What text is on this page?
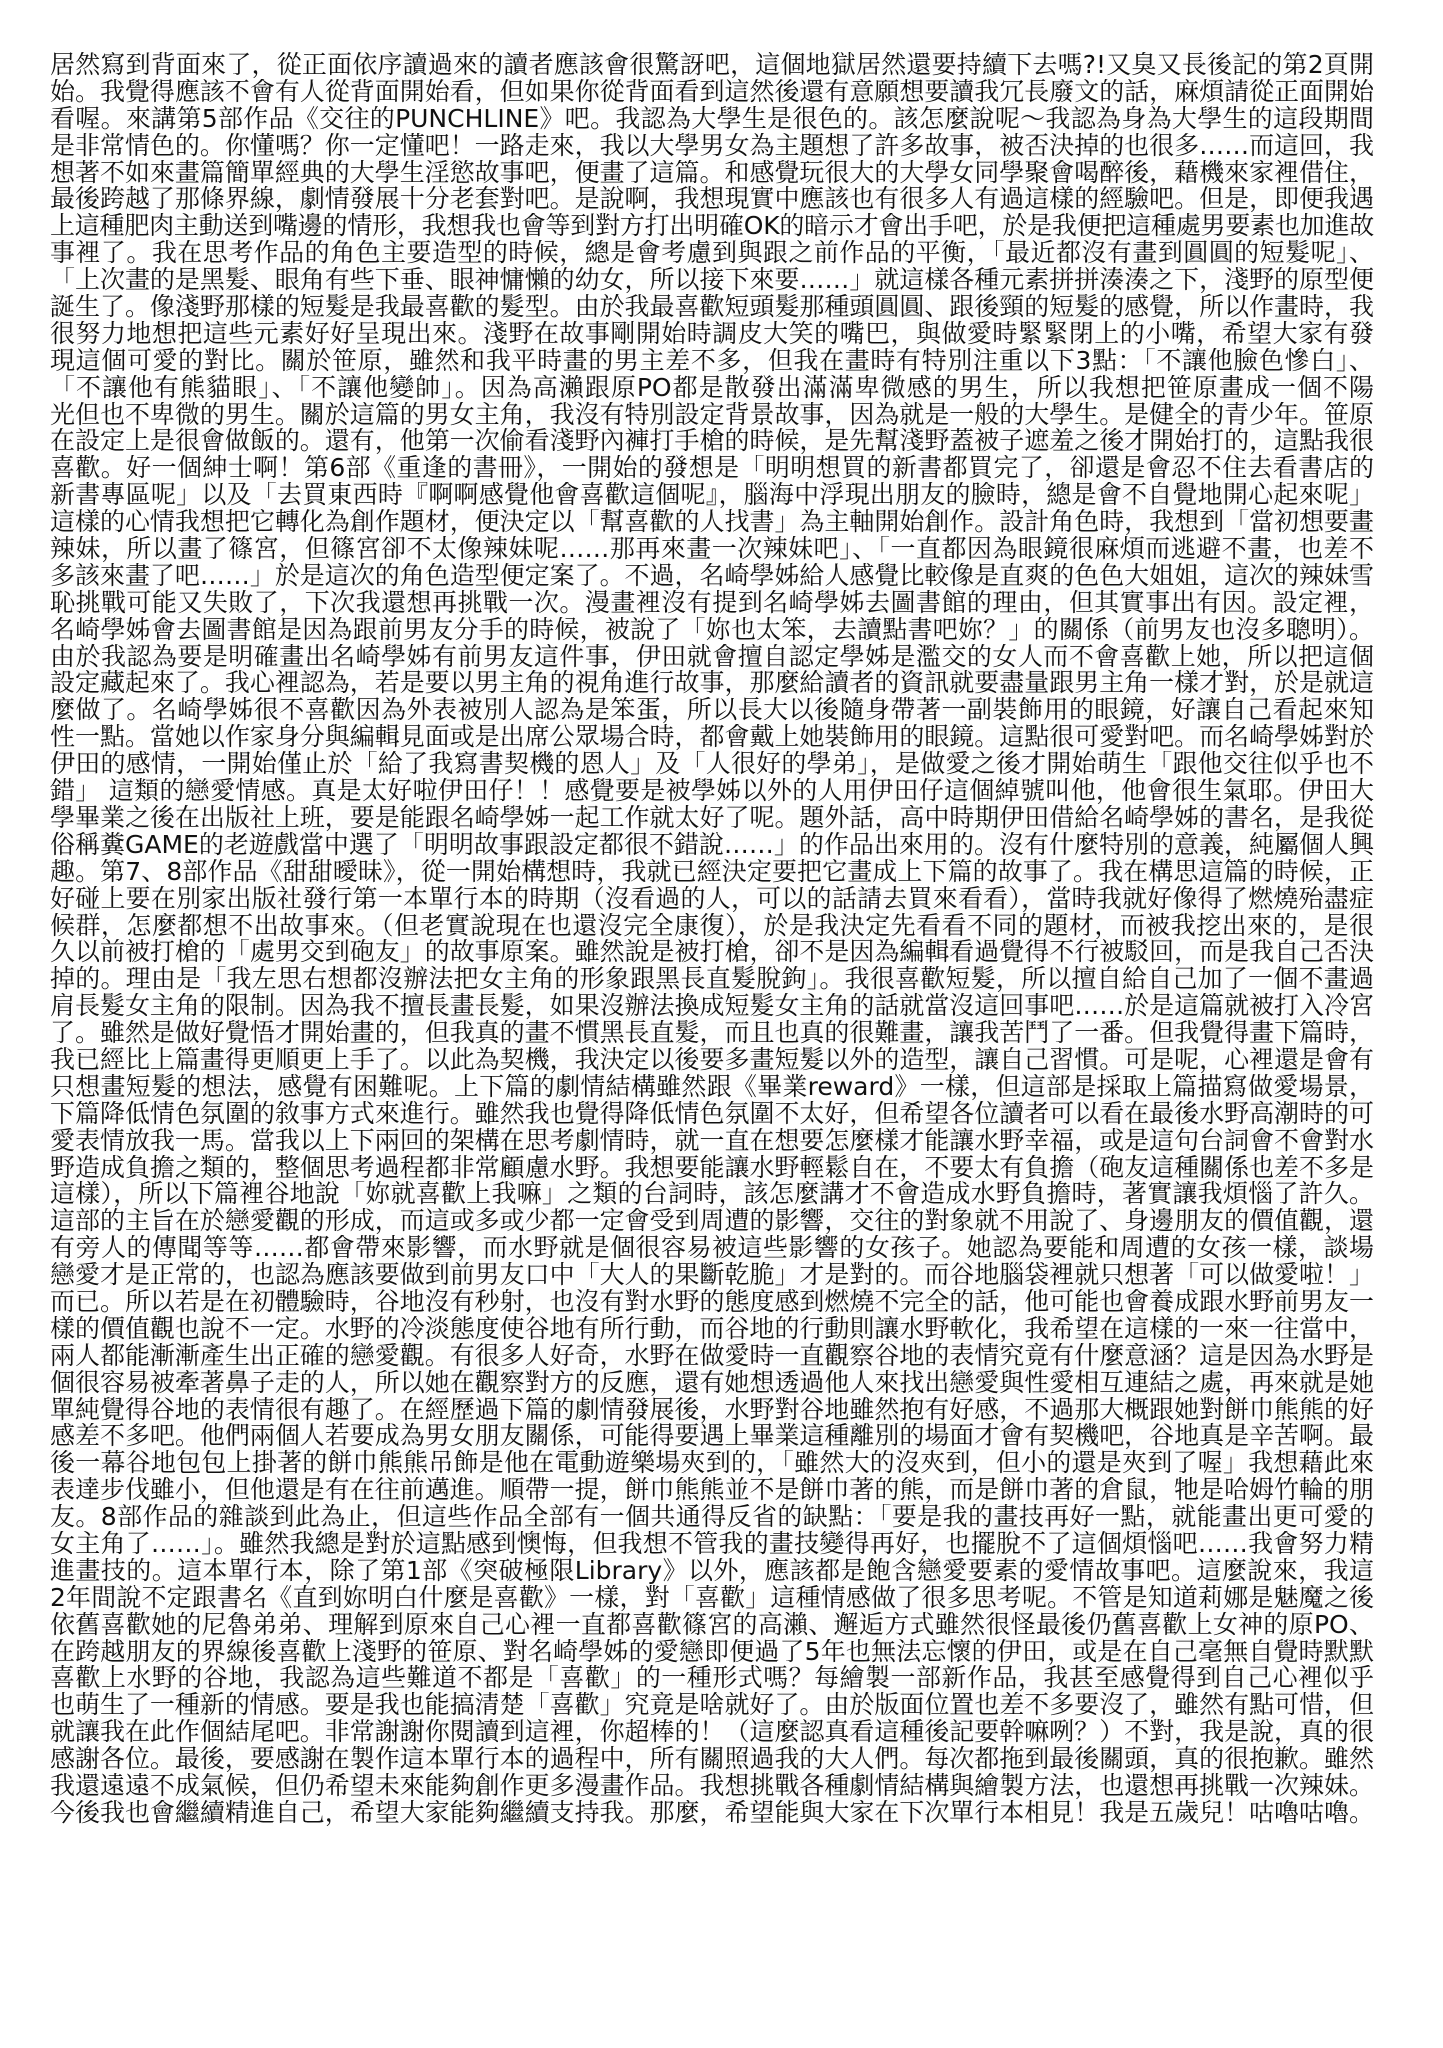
居然寫到背面來了，從正面依序讀過來的讀者應該會很驚訝吧，這個地獄居然還要持續下去嗎?!又臭又長後記的第2頁開
始。我覺得應該不會有人從背面開始看，但如果你從背面看到這然後還有意願想要讀我冗長廢文的話，麻煩請從正面開始
看喔。來講第5部作品《交往的PUNCHLINE》吧。我認為大學生是很色的。該怎麼說呢～我認為身為大學生的這段期間
是非常情色的。你懂嗎？你一定懂吧！一路走來，我以大學男女為主題想了許多故事，被否決掉的也很多……而這回，我
想著不如來畫篇簡單經典的大學生淫慾故事吧，便畫了這篇。和感覺玩很大的大學女同學聚會喝醉後，藉機來家裡借住，
最後跨越了那條界線，劇情發展十分老套對吧。是說啊，我想現實中應該也有很多人有過這樣的經驗吧。但是，即便我遇
上這種肥肉主動送到嘴邊的情形，我想我也會等到對方打出明確OK的暗示才會出手吧，於是我便把這種處男要素也加進故
事裡了。我在思考作品的角色主要造型的時候，總是會考慮到與跟之前作品的平衡，「最近都沒有畫到圓圓的短髮呢」、
「上次畫的是黑髮、眼角有些下垂、眼神慵懶的幼女，所以接下來要……」就這樣各種元素拼拼湊湊之下，淺野的原型便
誕生了。像淺野那樣的短髮是我最喜歡的髮型。由於我最喜歡短頭髮那種頭圓圓、跟後頸的短髮的感覺，所以作畫時，我
很努力地想把這些元素好好呈現出來。淺野在故事剛開始時調皮大笑的嘴巴，與做愛時緊緊閉上的小嘴，希望大家有發
現這個可愛的對比。關於笹原，雖然和我平時畫的男主差不多，但我在畫時有特別注重以下3點：「不讓他臉色慘白」、
「不讓他有熊貓眼」、「不讓他變帥」。因為高瀨跟原PO都是散發出滿滿卑微感的男生，所以我想把笹原畫成一個不陽
光但也不卑微的男生。關於這篇的男女主角，我沒有特別設定背景故事，因為就是一般的大學生。是健全的青少年。笹原
在設定上是很會做飯的。還有，他第一次偷看淺野內褲打手槍的時候，是先幫淺野蓋被子遮羞之後才開始打的，這點我很
喜歡。好一個紳士啊！第6部《重逢的書冊》，一開始的發想是「明明想買的新書都買完了，卻還是會忍不住去看書店的
新書專區呢」以及「去買東西時『啊啊感覺他會喜歡這個呢』，腦海中浮現出朋友的臉時，總是會不自覺地開心起來呢」
這樣的心情我想把它轉化為創作題材，便決定以「幫喜歡的人找書」為主軸開始創作。設計角色時，我想到「當初想要畫
辣妹，所以畫了篠宮，但篠宮卻不太像辣妹呢……那再來畫一次辣妹吧」、「一直都因為眼鏡很麻煩而逃避不畫，也差不
多該來畫了吧……」於是這次的角色造型便定案了。不過，名崎學姊給人感覺比較像是直爽的色色大姐姐，這次的辣妹雪
恥挑戰可能又失敗了，下次我還想再挑戰一次。漫畫裡沒有提到名崎學姊去圖書館的理由，但其實事出有因。設定裡，
名崎學姊會去圖書館是因為跟前男友分手的時候，被說了「妳也太笨，去讀點書吧妳？」的關係（前男友也沒多聰明）。
由於我認為要是明確畫出名崎學姊有前男友這件事，伊田就會擅自認定學姊是濫交的女人而不會喜歡上她，所以把這個
設定藏起來了。我心裡認為，若是要以男主角的視角進行故事，那麼給讀者的資訊就要盡量跟男主角一樣才對，於是就這
麼做了。名崎學姊很不喜歡因為外表被別人認為是笨蛋，所以長大以後隨身帶著一副裝飾用的眼鏡，好讓自己看起來知
性一點。當她以作家身分與編輯見面或是出席公眾場合時，都會戴上她裝飾用的眼鏡。這點很可愛對吧。而名崎學姊對於
伊田的感情，一開始僅止於「給了我寫書契機的恩人」及「人很好的學弟」，是做愛之後才開始萌生「跟他交往似乎也不
錯」 這類的戀愛情感。真是太好啦伊田仔！！感覺要是被學姊以外的人用伊田仔這個綽號叫他，他會很生氣耶。伊田大
學畢業之後在出版社上班，要是能跟名崎學姊一起工作就太好了呢。題外話，高中時期伊田借給名崎學姊的書名，是我從
俗稱糞GAME的老遊戲當中選了「明明故事跟設定都很不錯說……」的作品出來用的。沒有什麼特別的意義，純屬個人興
趣。第7、8部作品《甜甜曖昧》，從一開始構想時，我就已經決定要把它畫成上下篇的故事了。我在構思這篇的時候，正
好碰上要在別家出版社發行第一本單行本的時期（沒看過的人，可以的話請去買來看看），當時我就好像得了燃燒殆盡症
候群，怎麼都想不出故事來。（但老實說現在也還沒完全康復），於是我決定先看看不同的題材，而被我挖出來的，是很
久以前被打槍的「處男交到砲友」的故事原案。雖然說是被打槍，卻不是因為編輯看過覺得不行被駁回，而是我自己否決
掉的。理由是「我左思右想都沒辦法把女主角的形象跟黑長直髮脫鉤」。我很喜歡短髮，所以擅自給自己加了一個不畫過
肩長髮女主角的限制。因為我不擅長畫長髮，如果沒辦法換成短髮女主角的話就當沒這回事吧……於是這篇就被打入冷宮
了。雖然是做好覺悟才開始畫的，但我真的畫不慣黑長直髮，而且也真的很難畫，讓我苦鬥了一番。但我覺得畫下篇時，
我已經比上篇畫得更順更上手了。以此為契機，我決定以後要多畫短髮以外的造型，讓自己習慣。可是呢，心裡還是會有
只想畫短髮的想法，感覺有困難呢。上下篇的劇情結構雖然跟《畢業reward》一樣，但這部是採取上篇描寫做愛場景，
下篇降低情色氛圍的敘事方式來進行。雖然我也覺得降低情色氛圍不太好，但希望各位讀者可以看在最後水野高潮時的可
愛表情放我一馬。當我以上下兩回的架構在思考劇情時，就一直在想要怎麼樣才能讓水野幸福，或是這句台詞會不會對水
野造成負擔之類的，整個思考過程都非常顧慮水野。我想要能讓水野輕鬆自在，不要太有負擔（砲友這種關係也差不多是
這樣），所以下篇裡谷地說「妳就喜歡上我嘛」之類的台詞時，該怎麼講才不會造成水野負擔時，著實讓我煩惱了許久。
這部的主旨在於戀愛觀的形成，而這或多或少都一定會受到周遭的影響，交往的對象就不用說了、身邊朋友的價值觀，還
有旁人的傳聞等等……都會帶來影響，而水野就是個很容易被這些影響的女孩子。她認為要能和周遭的女孩一樣，談場
戀愛才是正常的，也認為應該要做到前男友口中「大人的果斷乾脆」才是對的。而谷地腦袋裡就只想著「可以做愛啦！」
而已。所以若是在初體驗時，谷地沒有秒射，也沒有對水野的態度感到燃燒不完全的話，他可能也會養成跟水野前男友一
樣的價值觀也說不一定。水野的冷淡態度使谷地有所行動，而谷地的行動則讓水野軟化，我希望在這樣的一來一往當中，
兩人都能漸漸產生出正確的戀愛觀。有很多人好奇，水野在做愛時一直觀察谷地的表情究竟有什麼意涵？這是因為水野是
個很容易被牽著鼻子走的人，所以她在觀察對方的反應，還有她想透過他人來找出戀愛與性愛相互連結之處，再來就是她
單純覺得谷地的表情很有趣了。在經歷過下篇的劇情發展後，水野對谷地雖然抱有好感，不過那大概跟她對餅巾熊熊的好
感差不多吧。他們兩個人若要成為男女朋友關係，可能得要遇上畢業這種離別的場面才會有契機吧，谷地真是辛苦啊。最
後一幕谷地包包上掛著的餅巾熊熊吊飾是他在電動遊樂場夾到的，「雖然大的沒夾到，但小的還是夾到了喔」我想藉此來
表達步伐雖小，但他還是有在往前邁進。順帶一提，餅巾熊熊並不是餅巾著的熊，而是餅巾著的倉鼠，牠是哈姆竹輪的朋
友。8部作品的雜談到此為止，但這些作品全部有一個共通得反省的缺點：「要是我的畫技再好一點，就能畫出更可愛的
女主角了……」。雖然我總是對於這點感到懊悔，但我想不管我的畫技變得再好，也擺脫不了這個煩惱吧……我會努力精
進畫技的。這本單行本，除了第1部《突破極限Library》以外，應該都是飽含戀愛要素的愛情故事吧。這麼說來，我這
2年間說不定跟書名《直到妳明白什麼是喜歡》一樣，對「喜歡」這種情感做了很多思考呢。不管是知道莉娜是魅魔之後
依舊喜歡她的尼魯弟弟、理解到原來自己心裡一直都喜歡篠宮的高瀨、邂逅方式雖然很怪最後仍舊喜歡上女神的原PO、
在跨越朋友的界線後喜歡上淺野的笹原、對名崎學姊的愛戀即便過了5年也無法忘懷的伊田，或是在自己毫無自覺時默默
喜歡上水野的谷地，我認為這些難道不都是「喜歡」的一種形式嗎？每繪製一部新作品，我甚至感覺得到自己心裡似乎
也萌生了一種新的情感。要是我也能搞清楚「喜歡」究竟是啥就好了。由於版面位置也差不多要沒了，雖然有點可惜，但
就讓我在此作個結尾吧。非常謝謝你閱讀到這裡，你超棒的！（這麼認真看這種後記要幹嘛咧？）不對，我是說，真的很
感謝各位。最後，要感謝在製作這本單行本的過程中，所有關照過我的大人們。每次都拖到最後關頭，真的很抱歉。雖然
我還遠遠不成氣候，但仍希望未來能夠創作更多漫畫作品。我想挑戰各種劇情結構與繪製方法，也還想再挑戰一次辣妹。
今後我也會繼續精進自己，希望大家能夠繼續支持我。那麼，希望能與大家在下次單行本相見！我是五歲兒！咕嚕咕嚕。
